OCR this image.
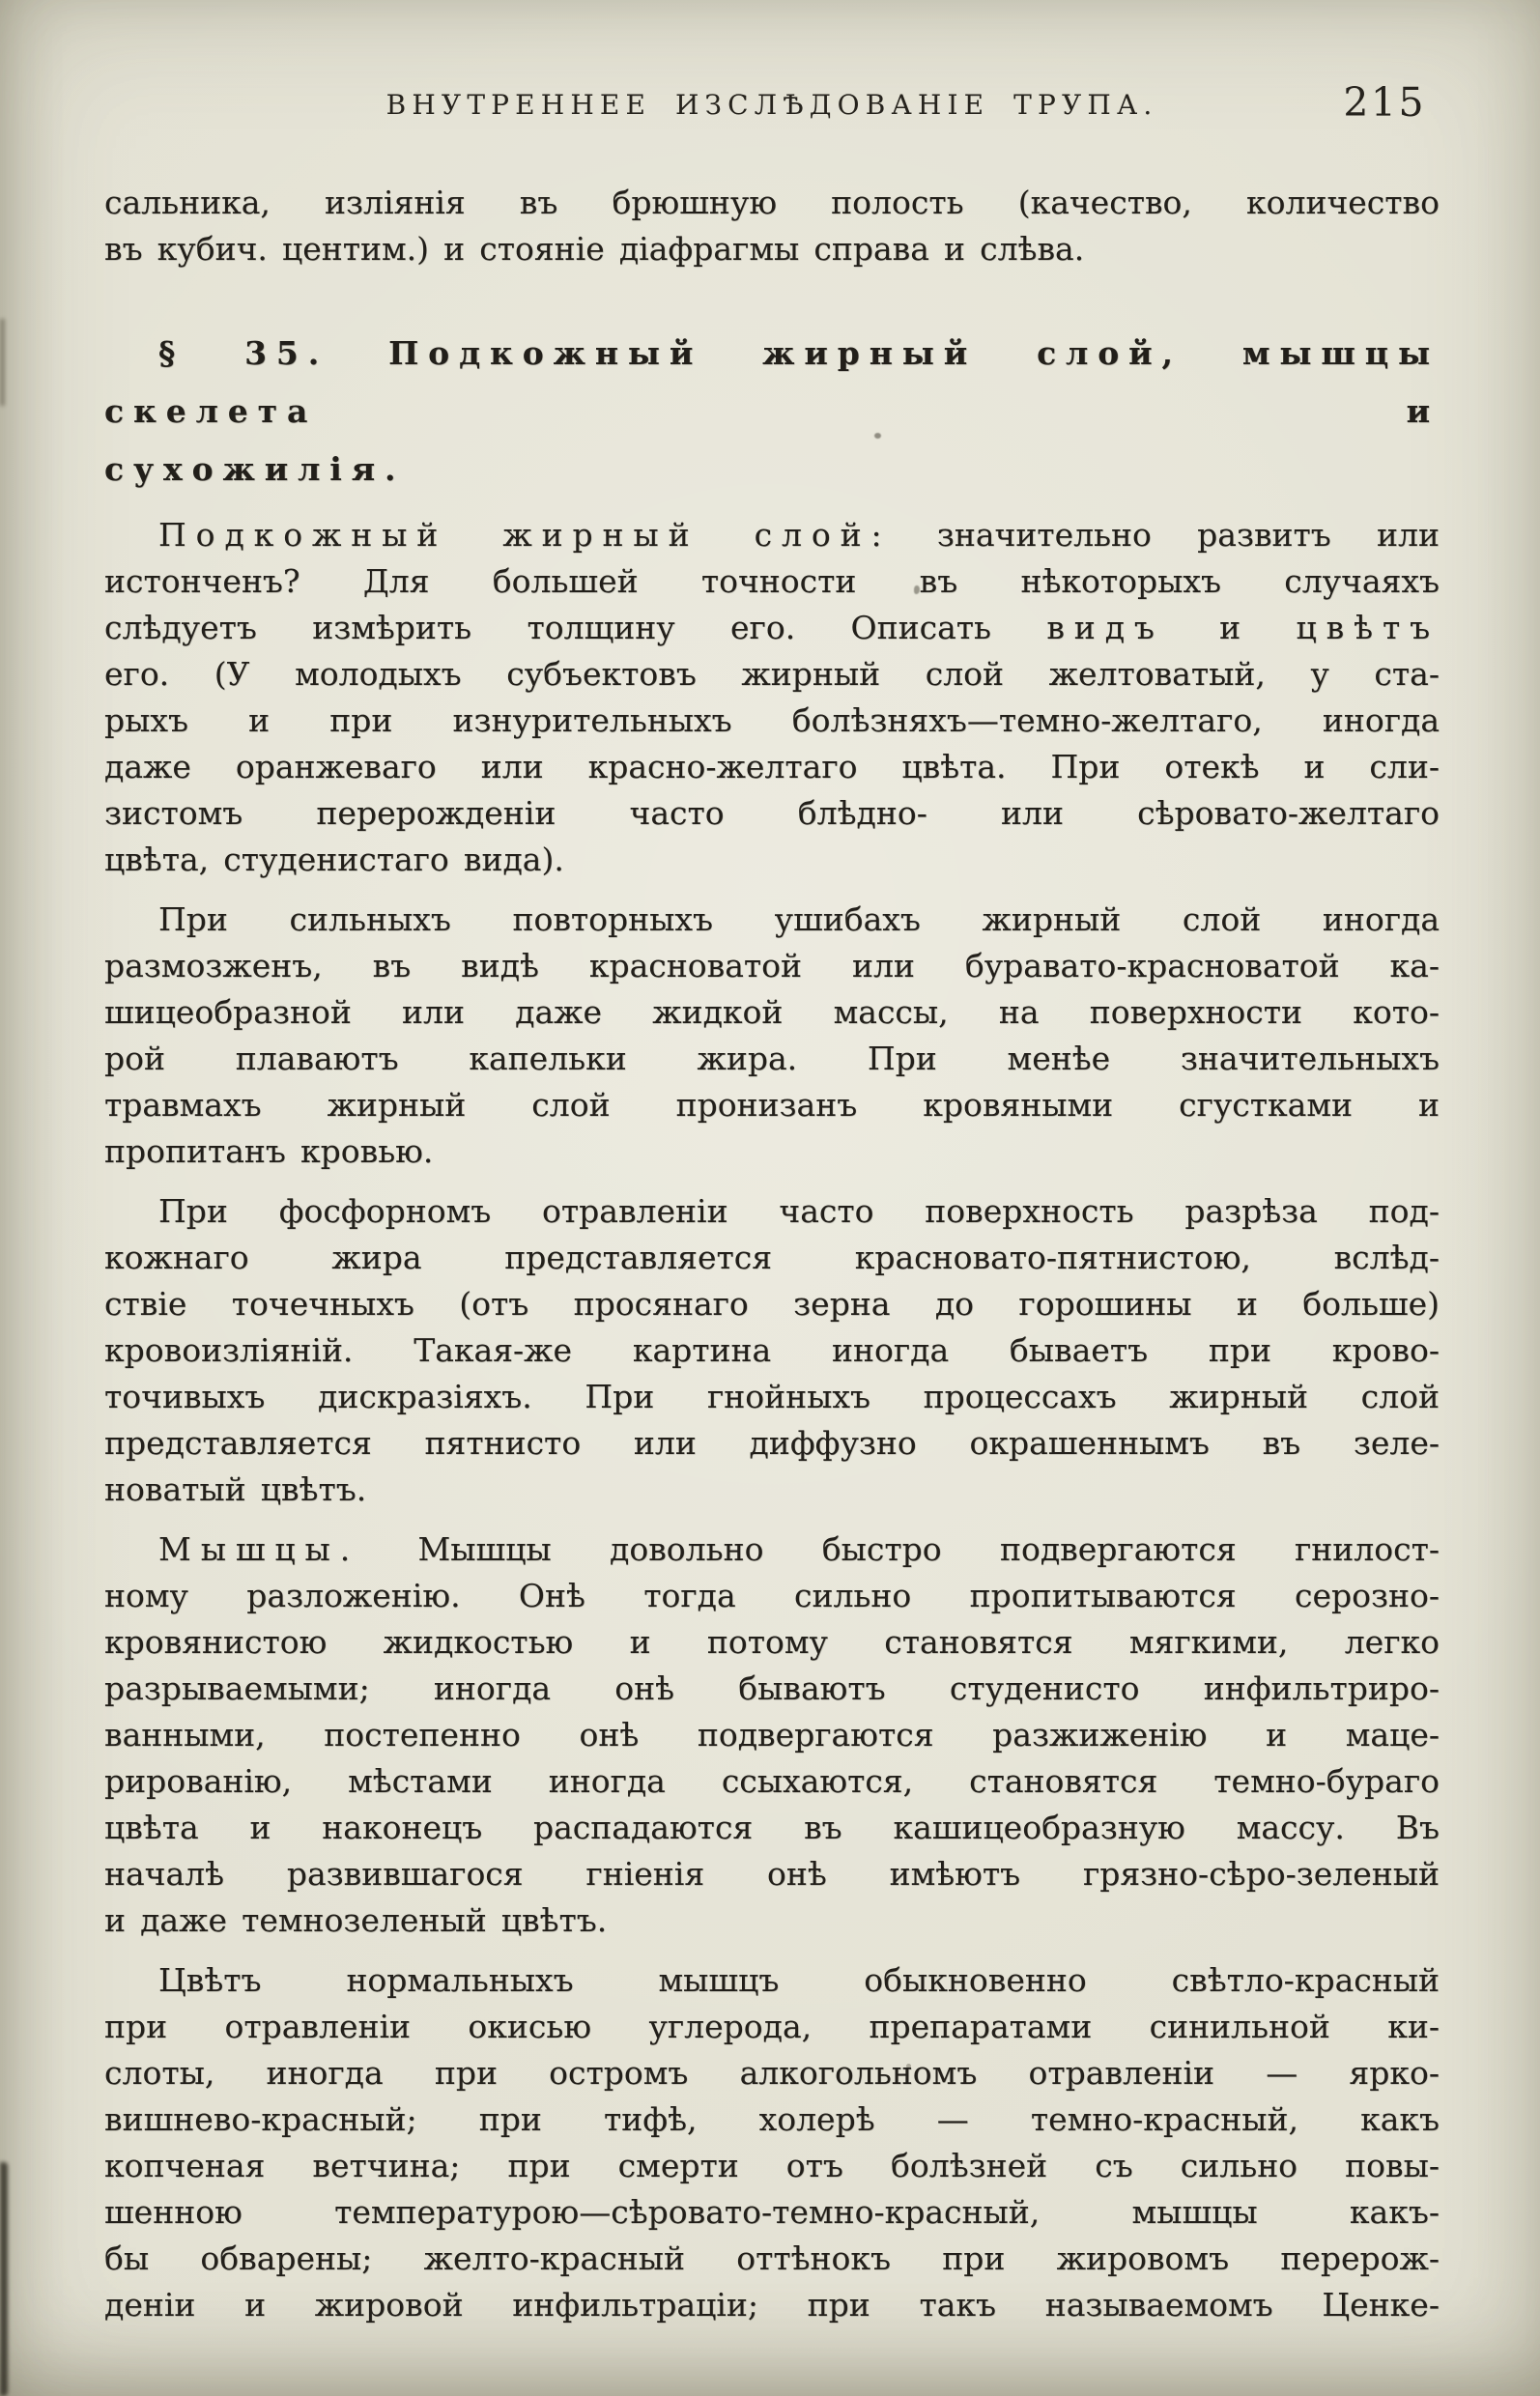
ВНУТРЕННЕЕ ИЗСЛѢДОВАНІЕ ТРУПА.	215
сальника, изліянія въ брюшную полость (качество, количество
въ кубич. центим.) и стояніе діафрагмы справа и слѣва.
§ 35. Подкожный жирный слой, мышцы скелета и
сухожилія.
Подкожный жирный слой: значительно развитъ или
истонченъ? Для большей точности въ нѣкоторыхъ случаяхъ
слѣдуетъ измѣрить толщину его. Описать видъ и цвѣтъ
его. (У молодыхъ субъектовъ жирный слой желтоватый, у ста-
рыхъ и при изнурительныхъ болѣзняхъ—темно-желтаго, иногда
даже оранжеваго или красно-желтаго цвѣта. При отекѣ и сли-
зистомъ перерожденіи часто блѣдно- или сѣровато-желтаго
цвѣта, студенистаго вида).
При сильныхъ повторныхъ ушибахъ жирный слой иногда
размозженъ, въ видѣ красноватой или буравато-красноватой ка-
шицеобразной или даже жидкой массы, на поверхности кото-
рой плаваютъ капельки жира. При менѣе значительныхъ
травмахъ жирный слой пронизанъ кровяными сгустками и
пропитанъ кровью.
При фосфорномъ отравленіи часто поверхность разрѣза под-
кожнаго жира представляется красновато-пятнистою, вслѣд-
ствіе точечныхъ (отъ просянаго зерна до горошины и больше)
кровоизліяній. Такая-же картина иногда бываетъ при крово-
точивыхъ дискразіяхъ. При гнойныхъ процессахъ жирный слой
представляется пятнисто или диффузно окрашеннымъ въ зеле-
новатый цвѣтъ.
Мышцы. Мышцы довольно быстро подвергаются гнилост-
ному разложенію. Онѣ тогда сильно пропитываются серозно-
кровянистою жидкостью и потому становятся мягкими, легко
разрываемыми; иногда онѣ бываютъ студенисто инфильтриро-
ванными, постепенно онѣ подвергаются разжиженію и маце-
рированію, мѣстами иногда ссыхаются, становятся темно-бураго
цвѣта и наконецъ распадаются въ кашицеобразную массу. Въ
началѣ развившагося гніенія онѣ имѣютъ грязно-сѣро-зеленый
и даже темнозеленый цвѣтъ.
Цвѣтъ нормальныхъ мышцъ обыкновенно свѣтло-красный
при отравленіи окисью углерода, препаратами синильной ки-
слоты, иногда при остромъ алкогольномъ отравленіи — ярко-
вишнево-красный; при тифѣ, холерѣ — темно-красный, какъ
копченая ветчина; при смерти отъ болѣзней съ сильно повы-
шенною температурою—сѣровато-темно-красный, мышцы какъ-
бы обварены; желто-красный оттѣнокъ при жировомъ перерож-
деніи и жировой инфильтраціи; при такъ называемомъ Ценке-
